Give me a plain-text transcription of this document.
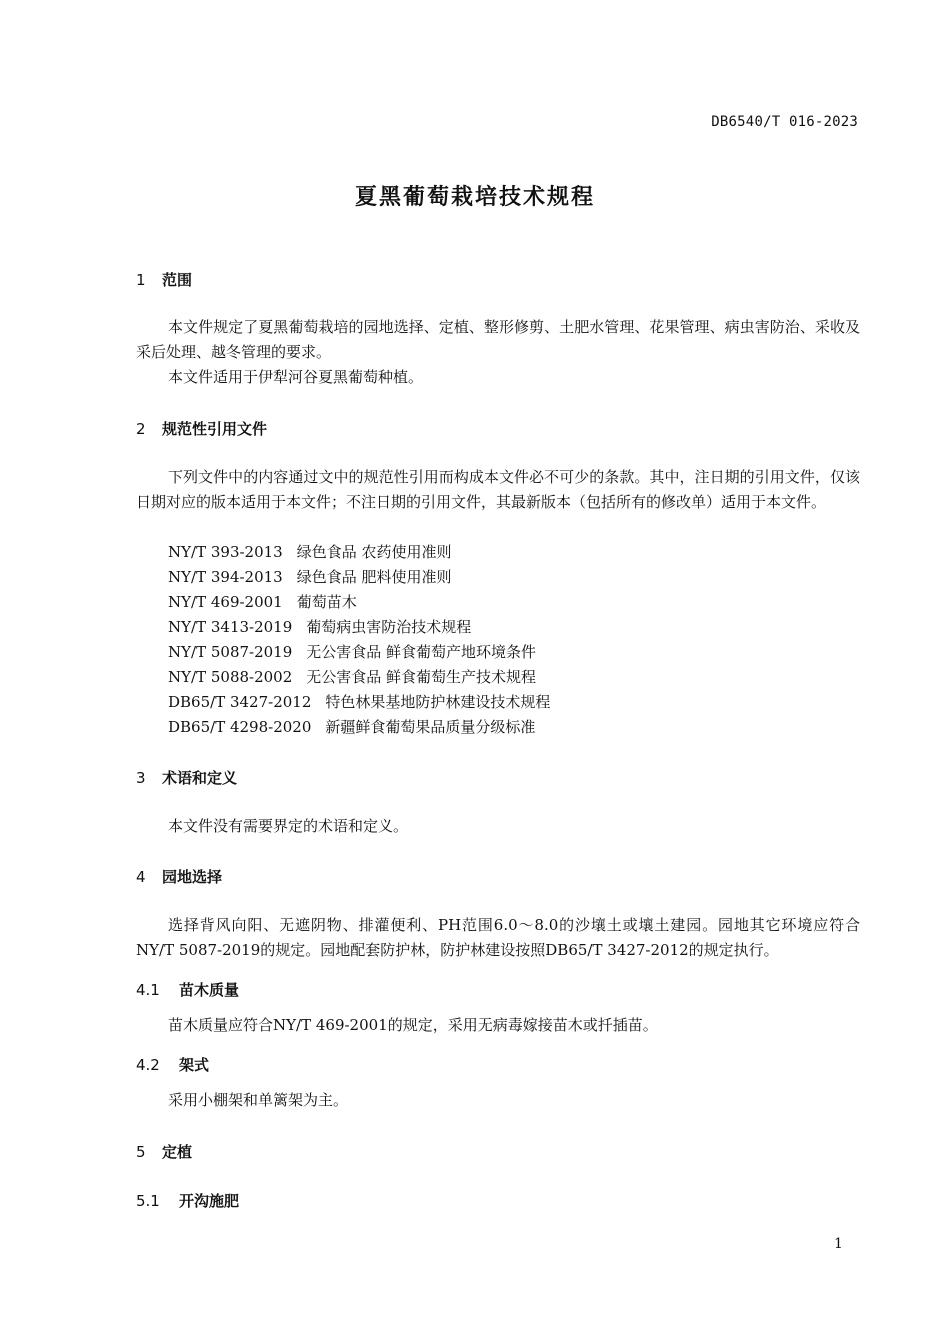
DB6540/T 016-2023
夏黑葡萄栽培技术规程
1 范围
本文件规定了夏黑葡萄栽培的园地选择、定植、整形修剪、土肥水管理、花果管理、病虫害防治、采收及采后处理、越冬管理的要求。
本文件适用于伊犁河谷夏黑葡萄种植。
2 规范性引用文件
下列文件中的内容通过文中的规范性引用而构成本文件必不可少的条款。其中，注日期的引用文件，仅该日期对应的版本适用于本文件；不注日期的引用文件，其最新版本（包括所有的修改单）适用于本文件。
NY/T 393-2013 绿色食品 农药使用准则
NY/T 394-2013 绿色食品 肥料使用准则
NY/T 469-2001 葡萄苗木
NY/T 3413-2019 葡萄病虫害防治技术规程
NY/T 5087-2019 无公害食品 鲜食葡萄产地环境条件
NY/T 5088-2002 无公害食品 鲜食葡萄生产技术规程
DB65/T 3427-2012 特色林果基地防护林建设技术规程
DB65/T 4298-2020 新疆鲜食葡萄果品质量分级标准
3 术语和定义
本文件没有需要界定的术语和定义。
4 园地选择
选择背风向阳、无遮阴物、排灌便利、PH范围6.0～8.0的沙壤土或壤土建园。园地其它环境应符合NY/T 5087-2019的规定。园地配套防护林，防护林建设按照DB65/T 3427-2012的规定执行。
4.1 苗木质量
苗木质量应符合NY/T 469-2001的规定，采用无病毒嫁接苗木或扦插苗。
4.2 架式
采用小棚架和单篱架为主。
5 定植
5.1 开沟施肥
1
